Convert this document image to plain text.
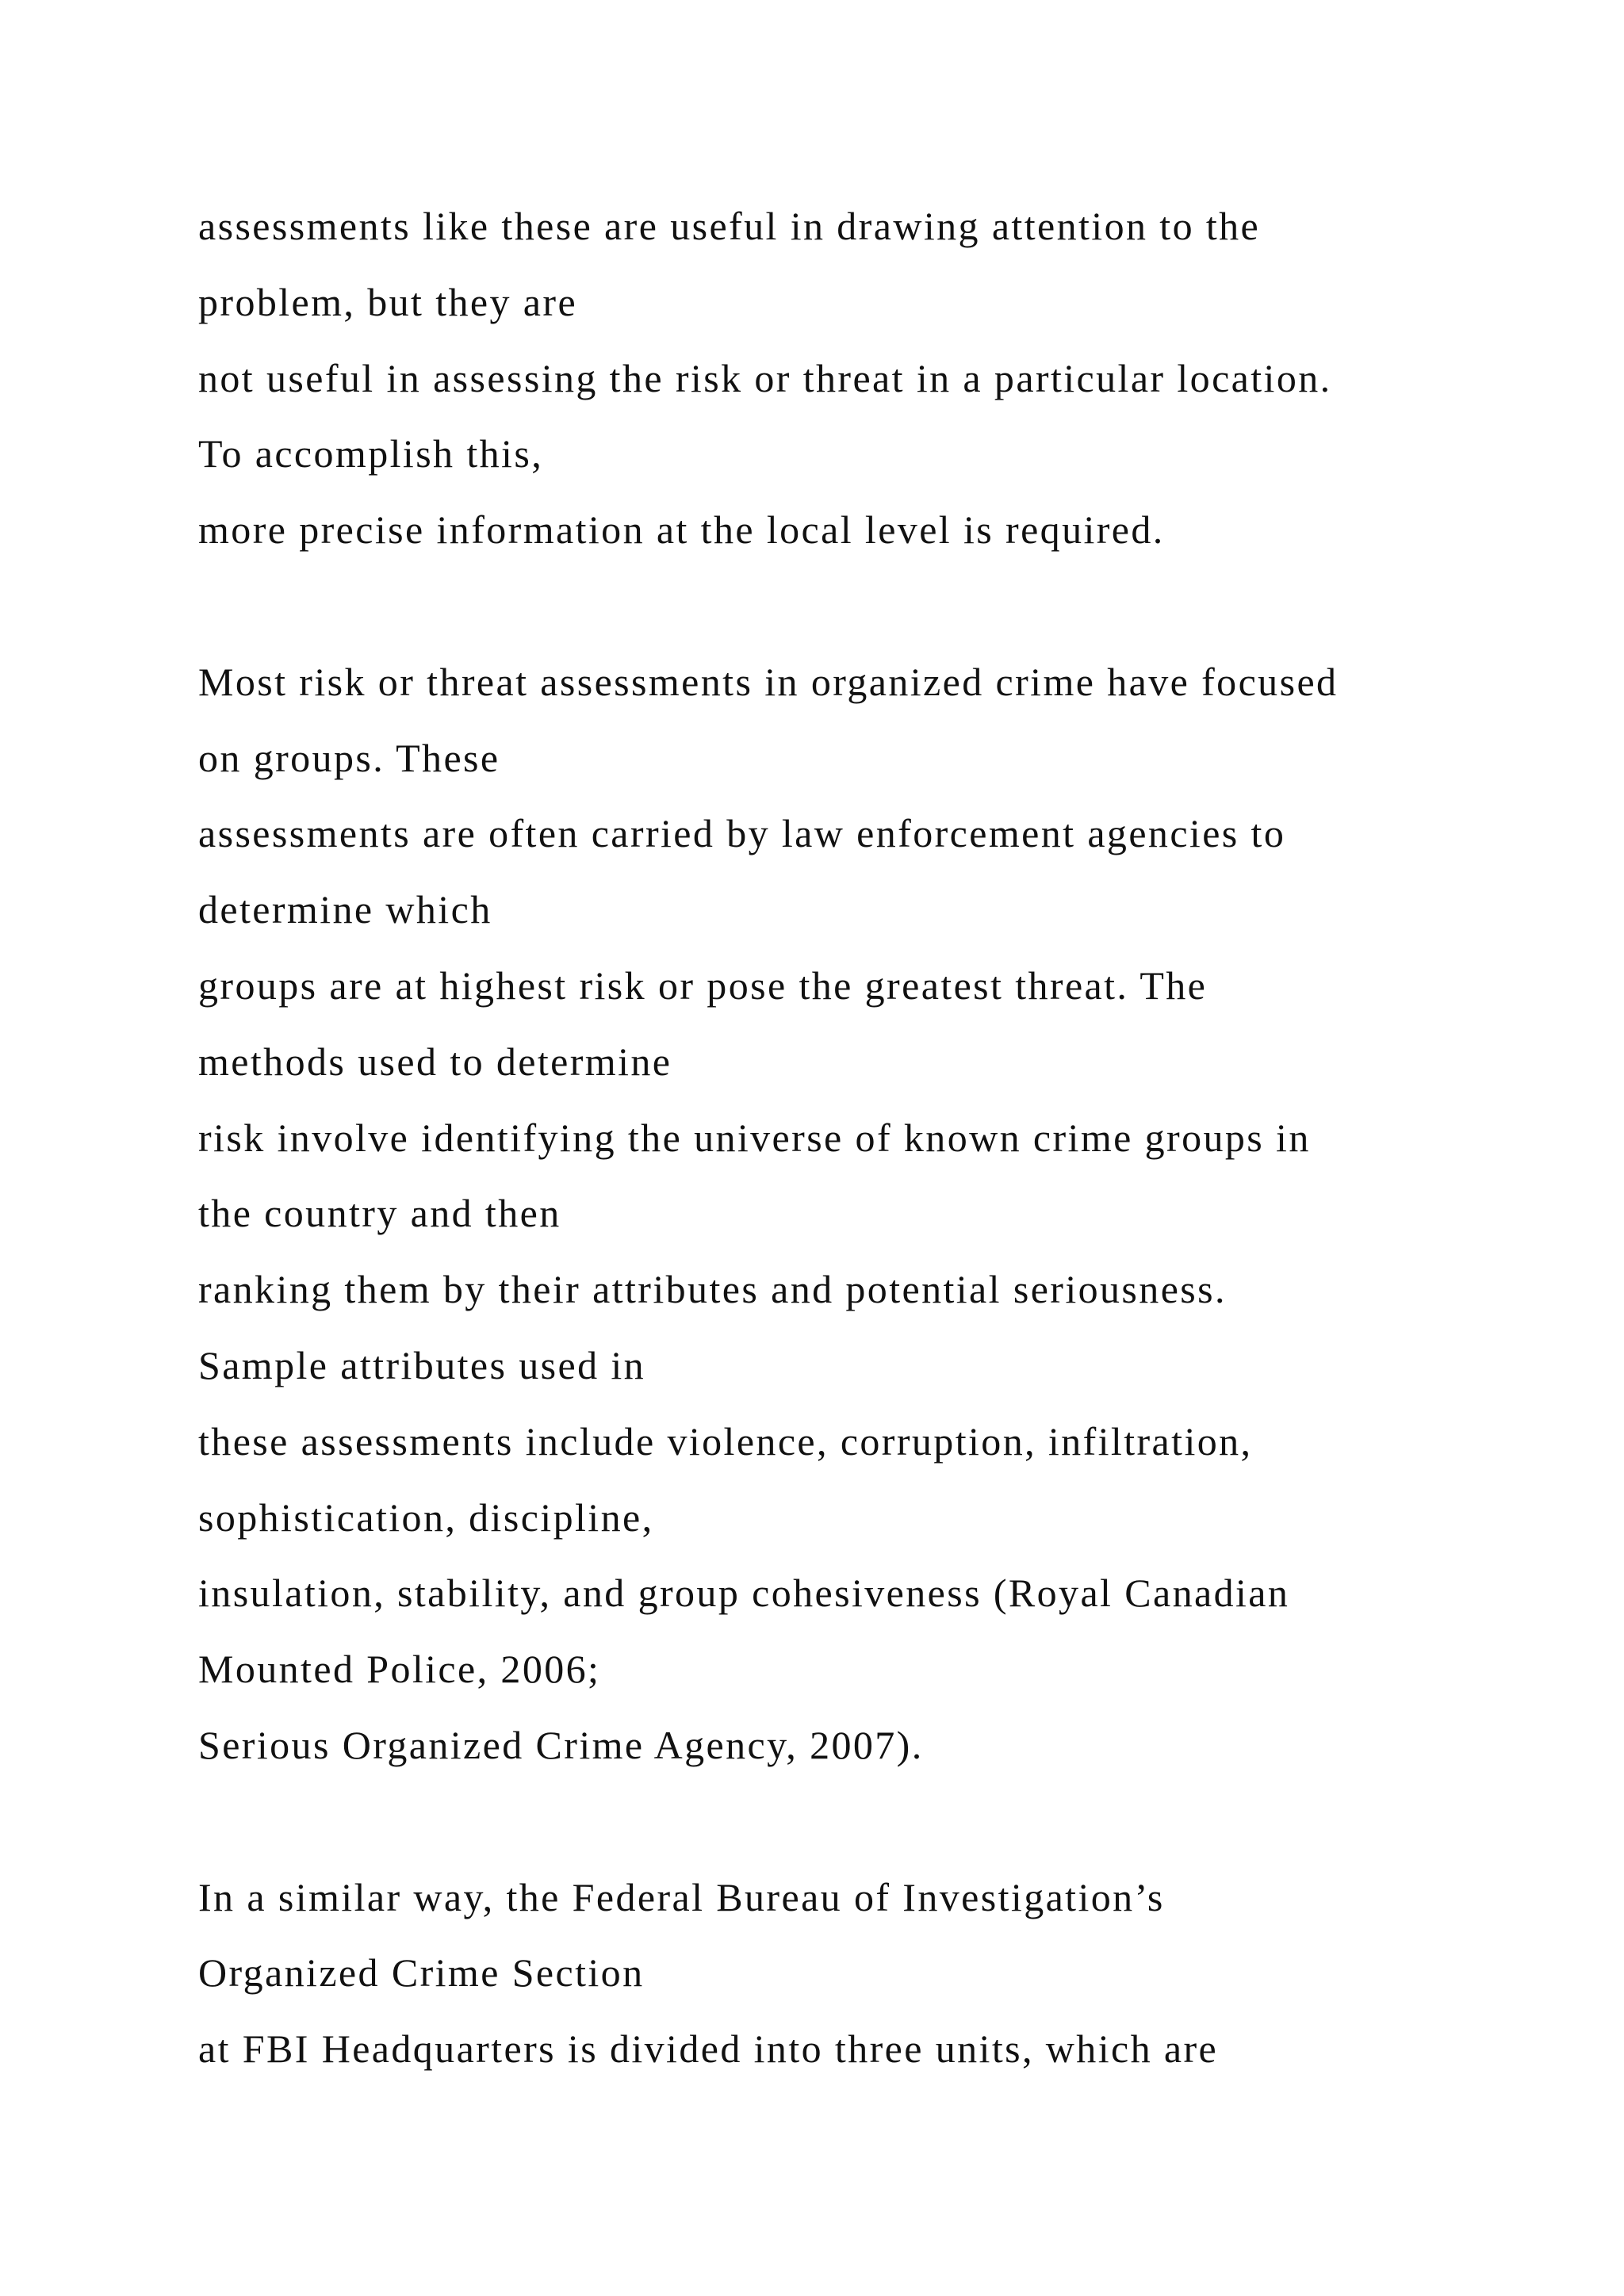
assessments like these are useful in drawing attention to the
problem, but they are
not useful in assessing the risk or threat in a particular location.
To accomplish this,
more precise information at the local level is required.
Most risk or threat assessments in organized crime have focused
on groups. These
assessments are often carried by law enforcement agencies to
determine which
groups are at highest risk or pose the greatest threat. The
methods used to determine
risk involve identifying the universe of known crime groups in
the country and then
ranking them by their attributes and potential seriousness.
Sample attributes used in
these assessments include violence, corruption, infiltration,
sophistication, discipline,
insulation, stability, and group cohesiveness (Royal Canadian
Mounted Police, 2006;
Serious Organized Crime Agency, 2007).
In a similar way, the Federal Bureau of Investigation’s
Organized Crime Section
at FBI Headquarters is divided into three units, which are
